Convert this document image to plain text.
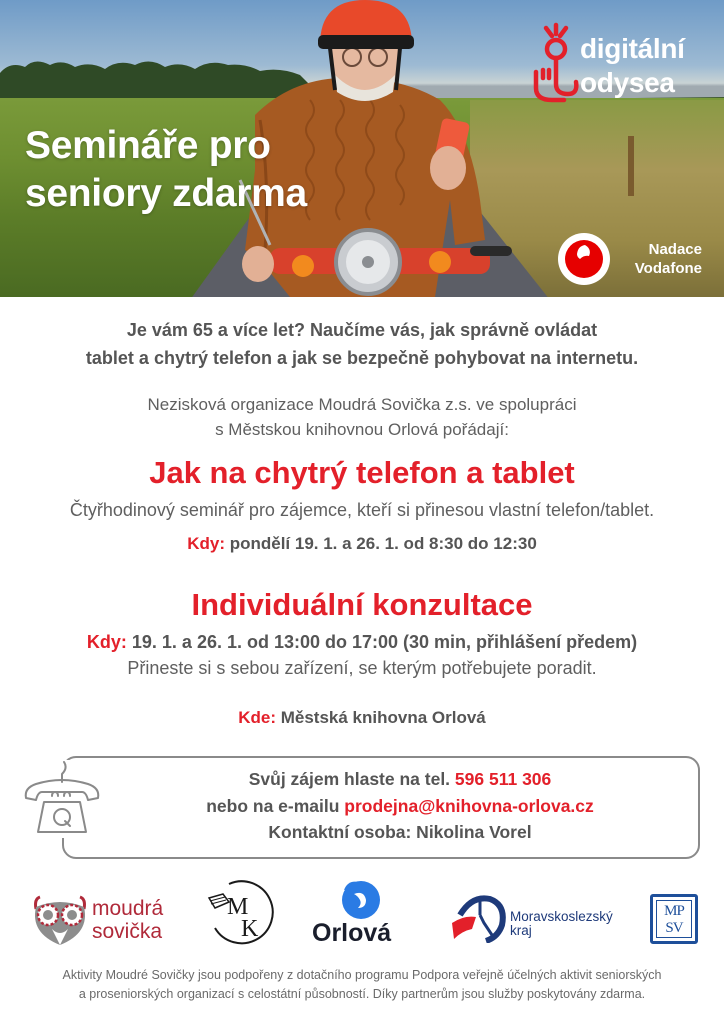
Semináře pro
seniory zdarma
digitální
odysea
Nadace
Vodafone
Je vám 65 a více let? Naučíme vás, jak správně ovládat
tablet a chytrý telefon a jak se bezpečně pohybovat na internetu.
Nezisková organizace Moudrá Sovička z.s. ve spolupráci
s Městskou knihovnou Orlová pořádají:
Jak na chytrý telefon a tablet
Čtyřhodinový seminář pro zájemce, kteří si přinesou vlastní telefon/tablet.
Kdy: pondělí 19. 1. a 26. 1. od 8:30 do 12:30
Individuální konzultace
Kdy: 19. 1. a 26. 1. od 13:00 do 17:00 (30 min, přihlášení předem)
Přineste si s sebou zařízení, se kterým potřebujete poradit.
Kde: Městská knihovna Orlová
Svůj zájem hlaste na tel. 596 511 306
nebo na e-mailu prodejna@knihovna-orlova.cz
Kontaktní osoba: Nikolina Vorel
moudrá
sovička
M
K Orlová
Moravskoslezský
kraj
MP
SV
Aktivity Moudré Sovičky jsou podpořeny z dotačního programu Podpora veřejně účelných aktivit seniorských
a proseniorských organizací s celostátní působností. Díky partnerům jsou služby poskytovány zdarma.
